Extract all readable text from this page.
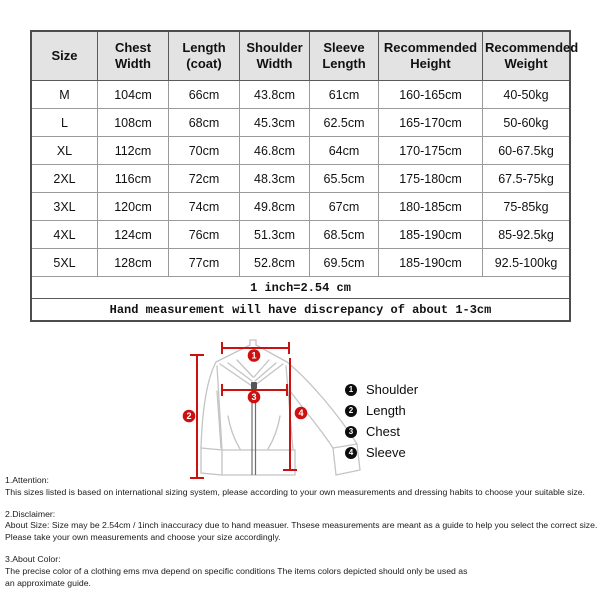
Size	Chest Width	Length (coat)	Shoulder Width	Sleeve Length	Recommended Height	Recommended Weight
M	104cm	66cm	43.8cm	61cm	160-165cm	40-50kg
L	108cm	68cm	45.3cm	62.5cm	165-170cm	50-60kg
XL	112cm	70cm	46.8cm	64cm	170-175cm	60-67.5kg
2XL	116cm	72cm	48.3cm	65.5cm	175-180cm	67.5-75kg
3XL	120cm	74cm	49.8cm	67cm	180-185cm	75-85kg
4XL	124cm	76cm	51.3cm	68.5cm	185-190cm	85-92.5kg
5XL	128cm	77cm	52.8cm	69.5cm	185-190cm	92.5-100kg
1 inch=2.54 cm						
Hand measurement will have discrepancy of about 1-3cm						
1
2
3
4
1 Shoulder
2 Length
3 Chest
4 Sleeve
1.Attention:
This sizes listed is based on international sizing system, please according to your own measurements and dressing habits to choose your suitable size.
2.Disclaimer:
About Size: Size may be 2.54cm / 1inch inaccuracy due to hand measuer. Thsese measurements are meant as a guide to help you select the correct size.
Please take your own measurements and choose your size accordingly.
3.About Color:
The precise color of a clothing ems mva depend on specific conditions The items colors depicted should only be used as
an approximate guide.
